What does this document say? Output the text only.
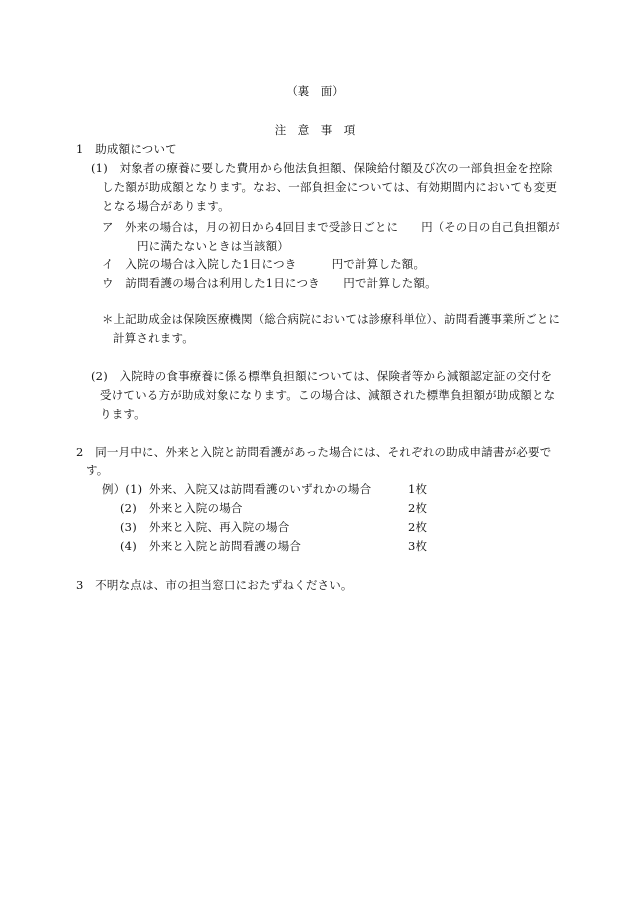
（裏　面）
注　意　事　項
1　助成額について
(1)　対象者の療養に要した費用から他法負担額、保険給付額及び次の一部負担金を控除
した額が助成額となります。なお、一部負担金については、有効期間内においても変更
となる場合があります。
ア　外来の場合は，月の初日から4回目まで受診日ごとに　　円（その日の自己負担額が
円に満たないときは当該額）
イ　入院の場合は入院した1日につき　　　円で計算した額。
ウ　訪問看護の場合は利用した1日につき　　円で計算した額。
＊上記助成金は保険医療機関（総合病院においては診療科単位）、訪問看護事業所ごとに
計算されます。
(2)　入院時の食事療養に係る標準負担額については、保険者等から減額認定証の交付を
受けている方が助成対象になります。この場合は、減額された標準負担額が助成額とな
ります。
2　同一月中に、外来と入院と訪問看護があった場合には、それぞれの助成申請書が必要で
す。
例）(1) 外来、入院又は訪問看護のいずれかの場合	1枚
(2) 外来と入院の場合	2枚
(3) 外来と入院、再入院の場合	2枚
(4) 外来と入院と訪問看護の場合	3枚
3　不明な点は、市の担当窓口におたずねください。
